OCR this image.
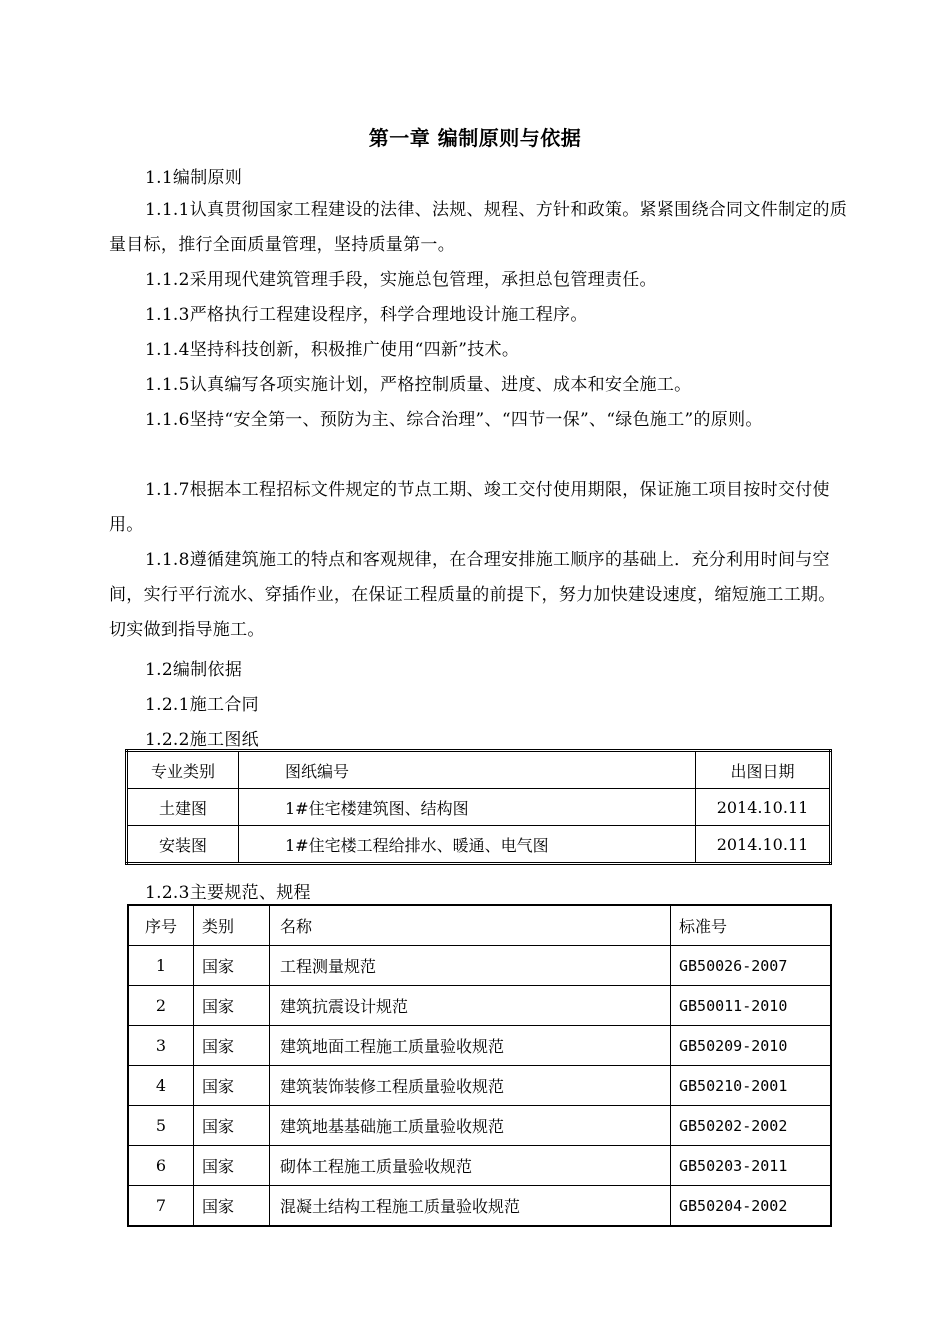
第一章 编制原则与依据
1.1编制原则
1.1.1认真贯彻国家工程建设的法律、法规、规程、方针和政策。紧紧围绕合同文件制定的质量目标，推行全面质量管理，坚持质量第一。
1.1.2采用现代建筑管理手段，实施总包管理，承担总包管理责任。
1.1.3严格执行工程建设程序，科学合理地设计施工程序。
1.1.4坚持科技创新，积极推广使用“四新”技术。
1.1.5认真编写各项实施计划，严格控制质量、进度、成本和安全施工。
1.1.6坚持“安全第一、预防为主、综合治理”、“四节一保”、“绿色施工”的原则。
1.1.7根据本工程招标文件规定的节点工期、竣工交付使用期限，保证施工项目按时交付使用。
1.1.8遵循建筑施工的特点和客观规律，在合理安排施工顺序的基础上．充分利用时间与空间，实行平行流水、穿插作业，在保证工程质量的前提下，努力加快建设速度，缩短施工工期。切实做到指导施工。
1.2编制依据
1.2.1施工合同
1.2.2施工图纸
专业类别	图纸编号	出图日期
土建图	1#住宅楼建筑图、结构图	2014.10.11
安装图	1#住宅楼工程给排水、暖通、电气图	2014.10.11
1.2.3主要规范、规程
序号	类别	名称	标准号
1	国家	工程测量规范	GB50026-2007
2	国家	建筑抗震设计规范	GB50011-2010
3	国家	建筑地面工程施工质量验收规范	GB50209-2010
4	国家	建筑装饰装修工程质量验收规范	GB50210-2001
5	国家	建筑地基基础施工质量验收规范	GB50202-2002
6	国家	砌体工程施工质量验收规范	GB50203-2011
7	国家	混凝土结构工程施工质量验收规范	GB50204-2002
